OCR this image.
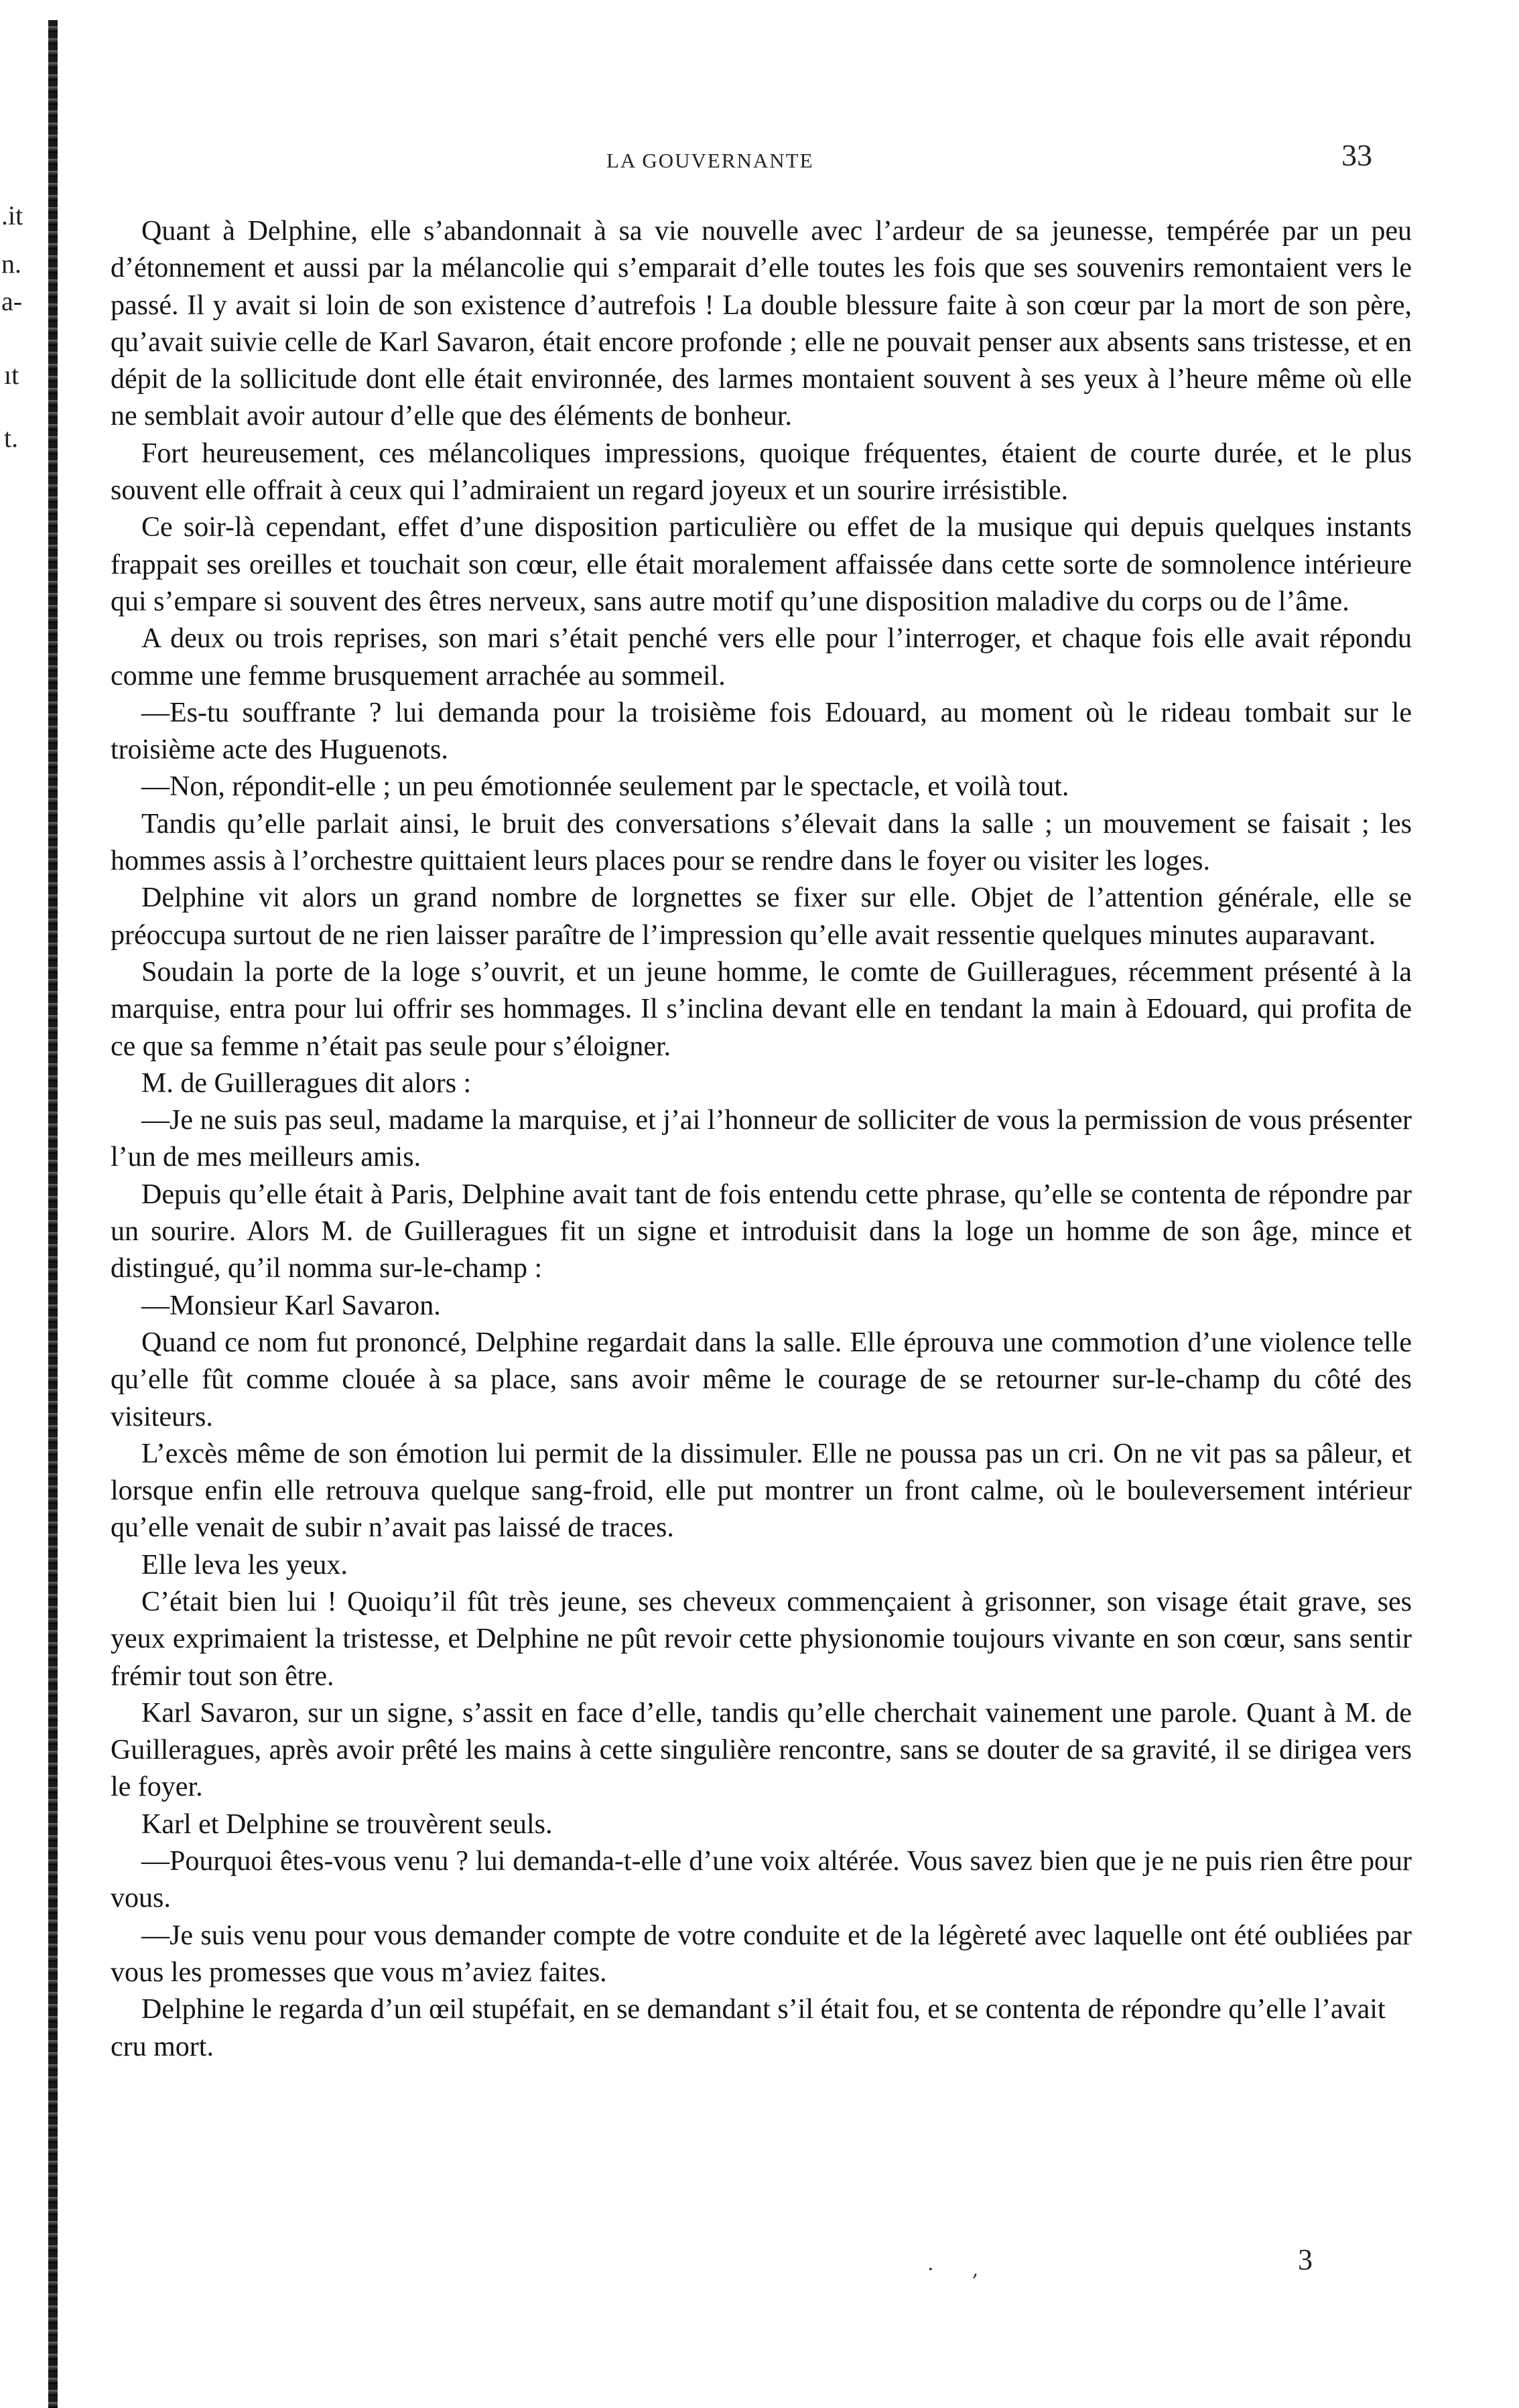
.it
n.
a-
ıt
t.
LA GOUVERNANTE	33

Quant à Delphine, elle s’abandonnait à sa vie nouvelle avec l’ardeur de sa jeunesse, tempérée par un peu d’étonnement et aussi par la mélancolie qui s’emparait d’elle toutes les fois que ses souvenirs remontaient vers le passé. Il y avait si loin de son existence d’autrefois ! La double blessure faite à son cœur par la mort de son père, qu’avait suivie celle de Karl Savaron, était encore profonde ; elle ne pouvait penser aux absents sans tristesse, et en dépit de la sollicitude dont elle était environnée, des larmes montaient souvent à ses yeux à l’heure même où elle ne semblait avoir autour d’elle que des éléments de bonheur.

Fort heureusement, ces mélancoliques impressions, quoique fréquentes, étaient de courte durée, et le plus souvent elle offrait à ceux qui l’admiraient un regard joyeux et un sourire irrésistible.

Ce soir-là cependant, effet d’une disposition particulière ou effet de la musique qui depuis quelques instants frappait ses oreilles et touchait son cœur, elle était moralement affaissée dans cette sorte de somnolence intérieure qui s’empare si souvent des êtres nerveux, sans autre motif qu’une disposition maladive du corps ou de l’âme.

A deux ou trois reprises, son mari s’était penché vers elle pour l’interroger, et chaque fois elle avait répondu comme une femme brusquement arrachée au sommeil.

—Es-tu souffrante ? lui demanda pour la troisième fois Edouard, au moment où le rideau tombait sur le troisième acte des Huguenots.

—Non, répondit-elle ; un peu émotionnée seulement par le spectacle, et voilà tout.

Tandis qu’elle parlait ainsi, le bruit des conversations s’élevait dans la salle ; un mouvement se faisait ; les hommes assis à l’orchestre quittaient leurs places pour se rendre dans le foyer ou visiter les loges.

Delphine vit alors un grand nombre de lorgnettes se fixer sur elle. Objet de l’attention générale, elle se préoccupa surtout de ne rien laisser paraître de l’impression qu’elle avait ressentie quelques minutes auparavant.

Soudain la porte de la loge s’ouvrit, et un jeune homme, le comte de Guilleragues, récemment présenté à la marquise, entra pour lui offrir ses hommages. Il s’inclina devant elle en tendant la main à Edouard, qui profita de ce que sa femme n’était pas seule pour s’éloigner.

M. de Guilleragues dit alors :

—Je ne suis pas seul, madame la marquise, et j’ai l’honneur de solliciter de vous la permission de vous présenter l’un de mes meilleurs amis.

Depuis qu’elle était à Paris, Delphine avait tant de fois entendu cette phrase, qu’elle se contenta de répondre par un sourire. Alors M. de Guilleragues fit un signe et introduisit dans la loge un homme de son âge, mince et distingué, qu’il nomma sur-le-champ :

—Monsieur Karl Savaron.

Quand ce nom fut prononcé, Delphine regardait dans la salle. Elle éprouva une commotion d’une violence telle qu’elle fût comme clouée à sa place, sans avoir même le courage de se retourner sur-le-champ du côté des visiteurs.

L’excès même de son émotion lui permit de la dissimuler. Elle ne poussa pas un cri. On ne vit pas sa pâleur, et lorsque enfin elle retrouva quelque sang-froid, elle put montrer un front calme, où le bouleversement intérieur qu’elle venait de subir n’avait pas laissé de traces.

Elle leva les yeux.

C’était bien lui ! Quoiqu’il fût très jeune, ses cheveux commençaient à grisonner, son visage était grave, ses yeux exprimaient la tristesse, et Delphine ne pût revoir cette physionomie toujours vivante en son cœur, sans sentir frémir tout son être.

Karl Savaron, sur un signe, s’assit en face d’elle, tandis qu’elle cherchait vainement une parole. Quant à M. de Guilleragues, après avoir prêté les mains à cette singulière rencontre, sans se douter de sa gravité, il se dirigea vers le foyer.

Karl et Delphine se trouvèrent seuls.

—Pourquoi êtes-vous venu ? lui demanda-t-elle d’une voix altérée. Vous savez bien que je ne puis rien être pour vous.

—Je suis venu pour vous demander compte de votre conduite et de la légèreté avec laquelle ont été oubliées par vous les promesses que vous m’aviez faites.

Delphine le regarda d’un œil stupéfait, en se demandant s’il était fou, et se contenta de répondre qu’elle l’avait cru mort.

·      ,	3
